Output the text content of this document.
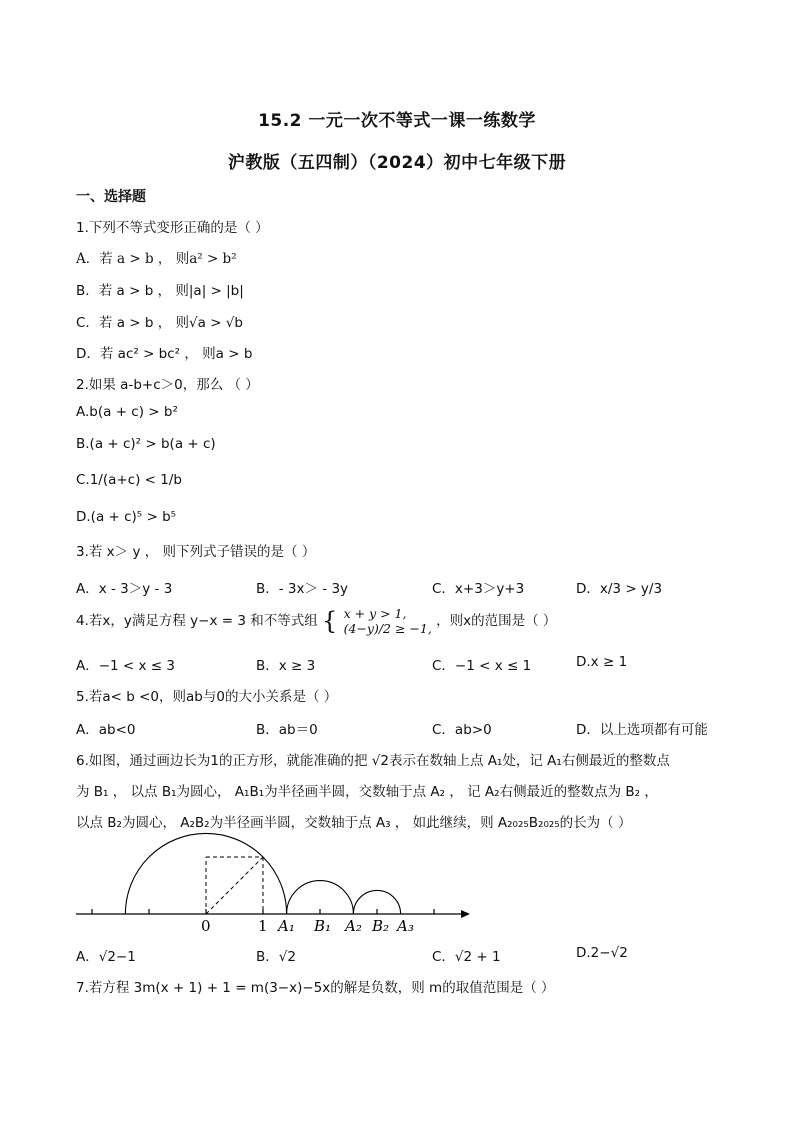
15.2 一元一次不等式一课一练数学
沪教版（五四制）（2024）初中七年级下册
一、选择题
1.下列不等式变形正确的是（ ）
A．若 a > b ， 则a² > b²
B．若 a > b ， 则|a| > |b|
C．若 a > b ， 则√a > √b
D．若 ac² > bc² ， 则a > b
2.如果 a-b+c＞0，那么 （ ）
A.b(a + c) > b²
B.(a + c)² > b(a + c)
C.1/(a+c) < 1/b
D.(a + c)⁵ > b⁵
3.若 x＞ y ， 则下列式子错误的是（ ）
A．x - 3＞y - 3	B．- 3x＞ - 3y	C．x+3＞y+3	D．x/3 > y/3
4.若x，y满足方程 y−x = 3 和不等式组 { x + y > 1,
(4−y)/2 ≥ −1, ，则x的范围是（ ）
A．−1 < x ≤ 3	B．x ≥ 3	C．−1 < x ≤ 1	D.x ≥ 1
5.若a< b <0，则ab与0的大小关系是（ ）
A．ab<0	B．ab＝0	C．ab>0	D．以上选项都有可能
6.如图，通过画边长为1的正方形，就能准确的把 √2表示在数轴上点 A₁处，记 A₁右侧最近的整数点
为 B₁ ， 以点 B₁为圆心， A₁B₁为半径画半圆，交数轴于点 A₂ ， 记 A₂右侧最近的整数点为 B₂ ，
以点 B₂为圆心， A₂B₂为半径画半圆，交数轴于点 A₃ ， 如此继续，则 A₂₀₂₅B₂₀₂₅的长为（ ）
0	1 A₁ B₁ A₂ B₂ A₃
A．√2−1	B．√2	C．√2 + 1	D.2−√2
7.若方程 3m(x + 1) + 1 = m(3−x)−5x的解是负数，则 m的取值范围是（ ）
